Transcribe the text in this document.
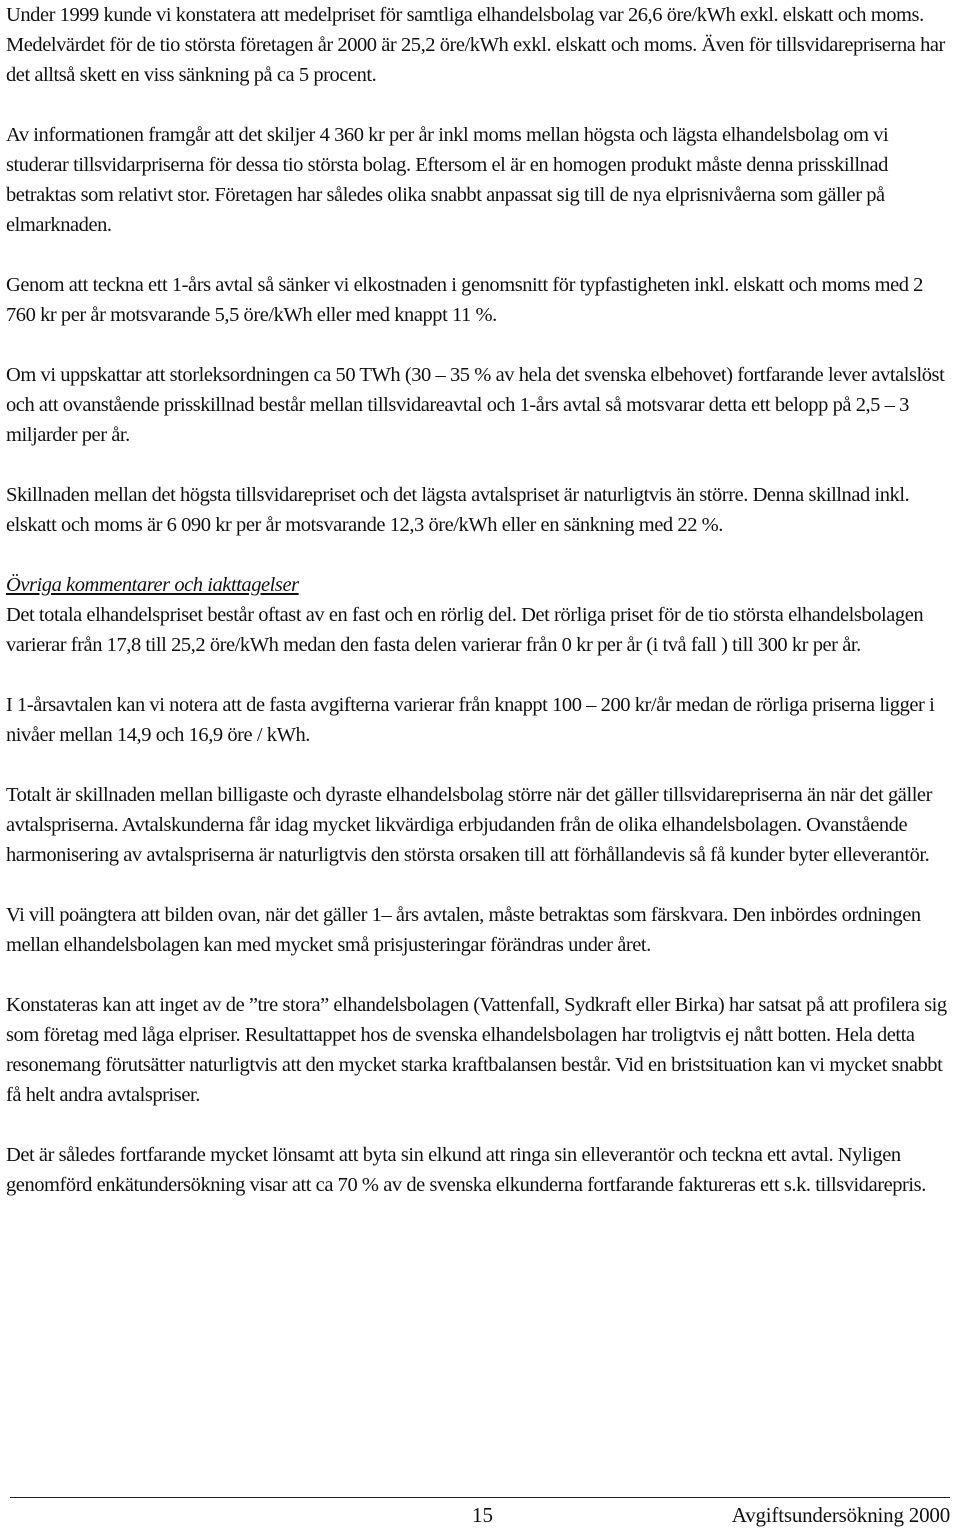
Under 1999 kunde vi konstatera att medelpriset för samtliga elhandelsbolag var 26,6 öre/kWh exkl. elskatt och moms. Medelvärdet för de tio största företagen år 2000 är 25,2 öre/kWh exkl. elskatt och moms. Även för tillsvidarepriserna har det alltså skett en viss sänkning på ca 5 procent.

Av informationen framgår att det skiljer 4 360 kr per år inkl moms mellan högsta och lägsta elhandelsbolag om vi studerar tillsvidarpriserna för dessa tio största bolag. Eftersom el är en homogen produkt måste denna prisskillnad betraktas som relativt stor. Företagen har således olika snabbt anpassat sig till de nya elprisnivåerna som gäller på elmarknaden.

Genom att teckna ett 1-års avtal så sänker vi elkostnaden i genomsnitt för typfastigheten inkl. elskatt och moms med 2 760 kr per år motsvarande 5,5 öre/kWh eller med knappt 11 %.

Om vi uppskattar att storleksordningen ca 50 TWh (30 – 35 % av hela det svenska elbehovet) fortfarande lever avtalslöst och att ovanstående prisskillnad består mellan tillsvidareavtal och 1-års avtal så motsvarar detta ett belopp på 2,5 – 3 miljarder per år.

Skillnaden mellan det högsta tillsvidarepriset och det lägsta avtalspriset är naturligtvis än större. Denna skillnad inkl. elskatt och moms är 6 090 kr per år motsvarande 12,3 öre/kWh eller en sänkning med 22 %.

Övriga kommentarer och iakttagelser

Det totala elhandelspriset består oftast av en fast och en rörlig del. Det rörliga priset för de tio största elhandelsbolagen varierar från 17,8 till 25,2 öre/kWh medan den fasta delen varierar från 0 kr per år (i två fall ) till 300 kr per år.

I 1-årsavtalen kan vi notera att de fasta avgifterna varierar från knappt 100 – 200 kr/år medan de rörliga priserna ligger i nivåer mellan 14,9 och 16,9 öre / kWh.

Totalt är skillnaden mellan billigaste och dyraste elhandelsbolag större när det gäller tillsvidarepriserna än när det gäller avtalspriserna. Avtalskunderna får idag mycket likvärdiga erbjudanden från de olika elhandelsbolagen. Ovanstående harmonisering av avtalspriserna är naturligtvis den största orsaken till att förhållandevis så få kunder byter elleverantör.

Vi vill poängtera att bilden ovan, när det gäller 1– års avtalen, måste betraktas som färskvara. Den inbördes ordningen mellan elhandelsbolagen kan med mycket små prisjusteringar förändras under året.

Konstateras kan att inget av de ”tre stora” elhandelsbolagen (Vattenfall, Sydkraft eller Birka) har satsat på att profilera sig som företag med låga elpriser. Resultattappet hos de svenska elhandelsbolagen har troligtvis ej nått botten. Hela detta resonemang förutsätter naturligtvis att den mycket starka kraftbalansen består. Vid en bristsituation kan vi mycket snabbt få helt andra avtalspriser.

Det är således fortfarande mycket lönsamt att byta sin elkund att ringa sin elleverantör och teckna ett avtal. Nyligen genomförd enkätundersökning visar att ca 70 % av de svenska elkunderna fortfarande faktureras ett s.k. tillsvidarepris.

15	Avgiftsundersökning 2000
